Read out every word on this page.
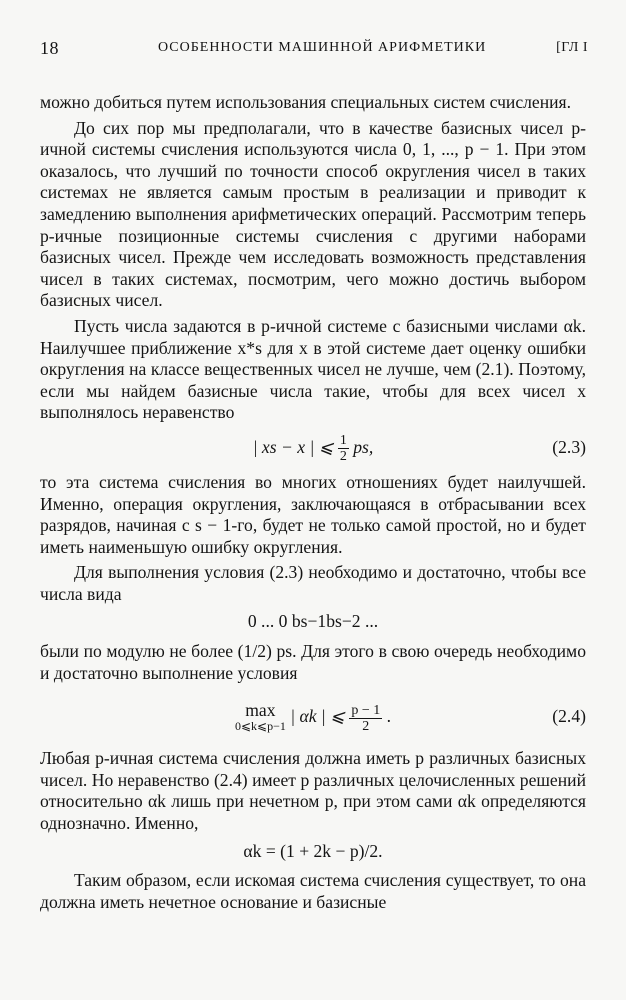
18	ОСОБЕННОСТИ МАШИННОЙ АРИФМЕТИКИ	[ГЛ I

можно добиться путем использования специальных систем счисления.

До сих пор мы предполагали, что в качестве базисных чисел p-ичной системы счисления используются числа 0, 1, ..., p − 1. При этом оказалось, что лучший по точности способ округления чисел в таких системах не является самым простым в реализации и приводит к замедлению выполнения арифметических операций. Рассмотрим теперь p-ичные позиционные системы счисления с другими наборами базисных чисел. Прежде чем исследовать возможность представления чисел в таких системах, посмотрим, чего можно достичь выбором базисных чисел.

Пусть числа задаются в p-ичной системе с базисными числами αk. Наилучшее приближение x*s для x в этой системе дает оценку ошибки округления на классе вещественных чисел не лучше, чем (2.1). Поэтому, если мы найдем базисные числа такие, чтобы для всех чисел x выполнялось неравенство

| xs − x | ⩽ $\frac{1}{2}$ ps,	(2.3)

то эта система счисления во многих отношениях будет наилучшей. Именно, операция округления, заключающаяся в отбрасывании всех разрядов, начиная с s − 1-го, будет не только самой простой, но и будет иметь наименьшую ошибку округления.

Для выполнения условия (2.3) необходимо и достаточно, чтобы все числа вида

0 ... 0 bs−1bs−2 ...

были по модулю не более (1/2) ps. Для этого в свою очередь необходимо и достаточно выполнение условия

max
0⩽k⩽p−1 | αk | ⩽ $\frac{p - 1}{2}$ .	(2.4)

Любая p-ичная система счисления должна иметь p различных базисных чисел. Но неравенство (2.4) имеет p различных целочисленных решений относительно αk лишь при нечетном p, при этом сами αk определяются однозначно. Именно,

αk = (1 + 2k − p)/2.

Таким образом, если искомая система счисления существует, то она должна иметь нечетное основание и базисные
